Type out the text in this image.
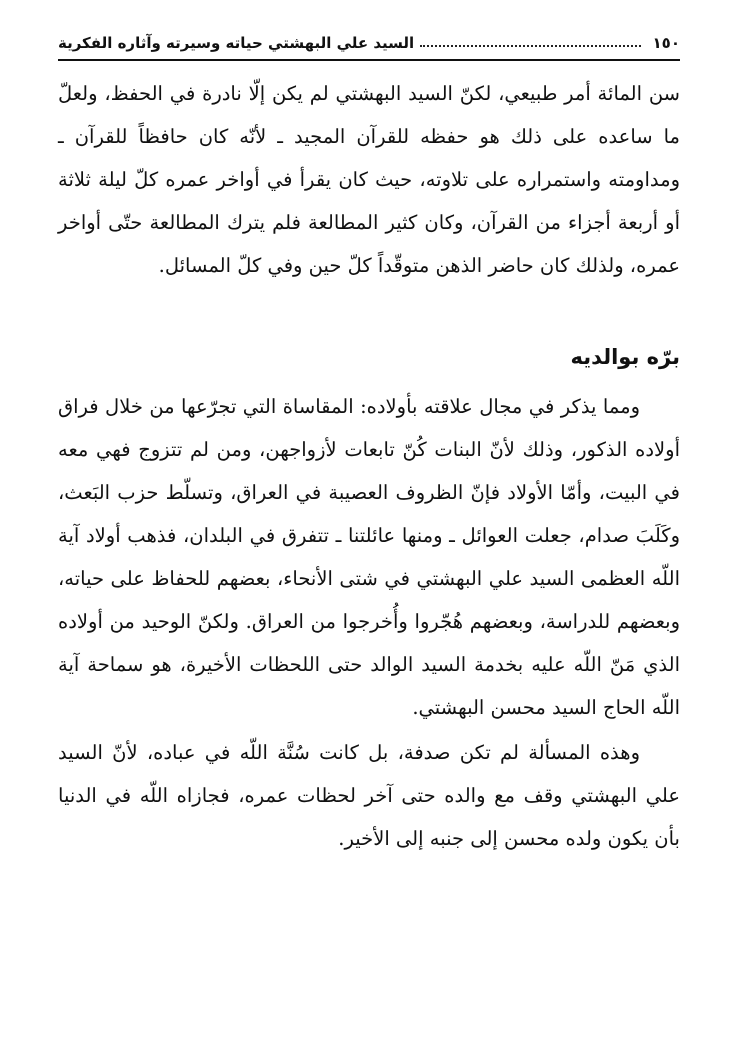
١٥٠
السيد علي البهشتي حياته وسيرته وآثاره الفكرية

سن المائة أمر طبيعي، لكنّ السيد البهشتي لم يكن إلّا نادرة في الحفظ، ولعلّ ما ساعده على ذلك هو حفظه للقرآن المجيد ـ لأنّه كان حافظاً للقرآن ـ ومداومته واستمراره على تلاوته، حيث كان يقرأ في أواخر عمره كلّ ليلة ثلاثة أو أربعة أجزاء من القرآن، وكان كثير المطالعة فلم يترك المطالعة حتّى أواخر عمره، ولذلك كان حاضر الذهن متوقّداً كلّ حين وفي كلّ المسائل.

برّه بوالديه

ومما يذكر في مجال علاقته بأولاده: المقاساة التي تجرّعها من خلال فراق أولاده الذكور، وذلك لأنّ البنات كُنّ تابعات لأزواجهن، ومن لم تتزوج فهي معه في البيت، وأمّا الأولاد فإنّ الظروف العصيبة في العراق، وتسلّط حزب البَعث، وكَلَبَ صدام، جعلت العوائل ـ ومنها عائلتنا ـ تتفرق في البلدان، فذهب أولاد آية اللّه العظمى السيد علي البهشتي في شتى الأنحاء، بعضهم للحفاظ على حياته، وبعضهم للدراسة، وبعضهم هُجّروا وأُخرجوا من العراق. ولكنّ الوحيد من أولاده الذي مَنّ اللّه عليه بخدمة السيد الوالد حتى اللحظات الأخيرة، هو سماحة آية اللّه الحاج السيد محسن البهشتي.

وهذه المسألة لم تكن صدفة، بل كانت سُنَّة اللّه في عباده، لأنّ السيد علي البهشتي وقف مع والده حتى آخر لحظات عمره، فجازاه اللّه في الدنيا بأن يكون ولده محسن إلى جنبه إلى الأخير.
